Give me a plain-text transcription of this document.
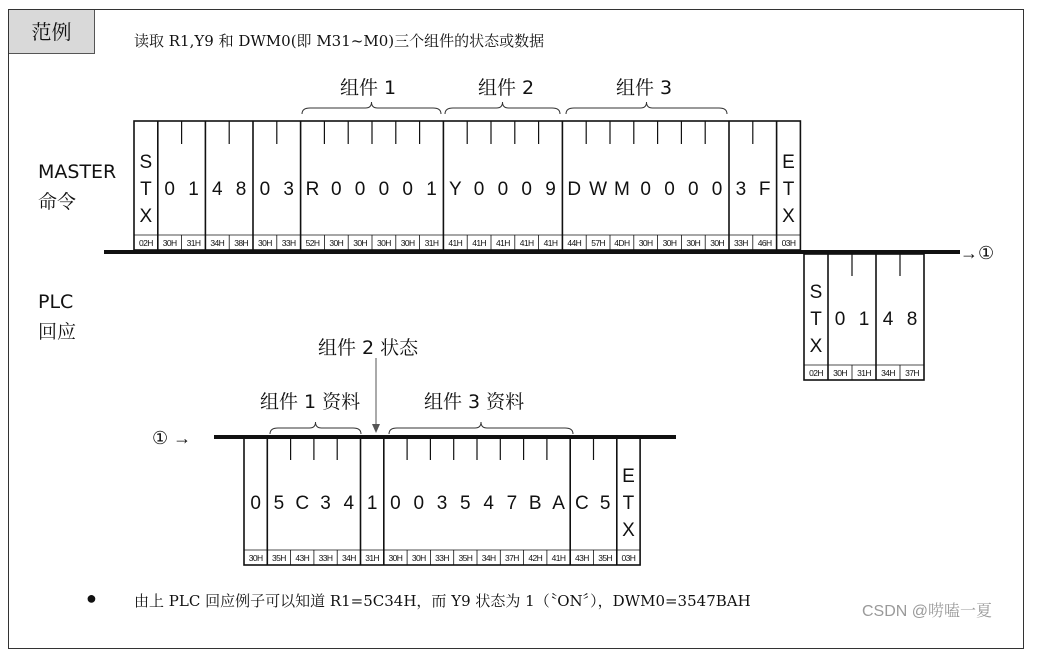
范例	读取 R1,Y9 和 DWM0(即 M31~M0)三个组件的状态或数据
MASTER
命令
PLC
回应
组件 1	组件 2	组件 3
组件 2 状态
组件 1 资料	组件 3 资料
→①
① →
S
T
X
02H
0
30H
1
31H
4
34H
8
38H
0
30H
3
33H
R
52H
0
30H
0
30H
0
30H
0
30H
1
31H
Y
41H
0
41H
0
41H
0
41H
9
41H
D
44H
W
57H
M
4DH
0
30H
0
30H
0
30H
0
30H
3
33H
F
46H
E
T
X
03H
S
T
X
02H
0
30H
1
31H
4
34H
8
37H
0
30H
5
35H
C
43H
3
33H
4
34H
1
31H
0
30H
0
30H
3
33H
5
35H
4
34H
7
37H
B
42H
A
41H
C
43H
5
35H
E
T
X
03H
● 由上 PLC 回应例子可以知道 R1=5C34H，而 Y9 状态为 1（〝ON〞），DWM0=3547BAH
CSDN @唠嗑一夏
